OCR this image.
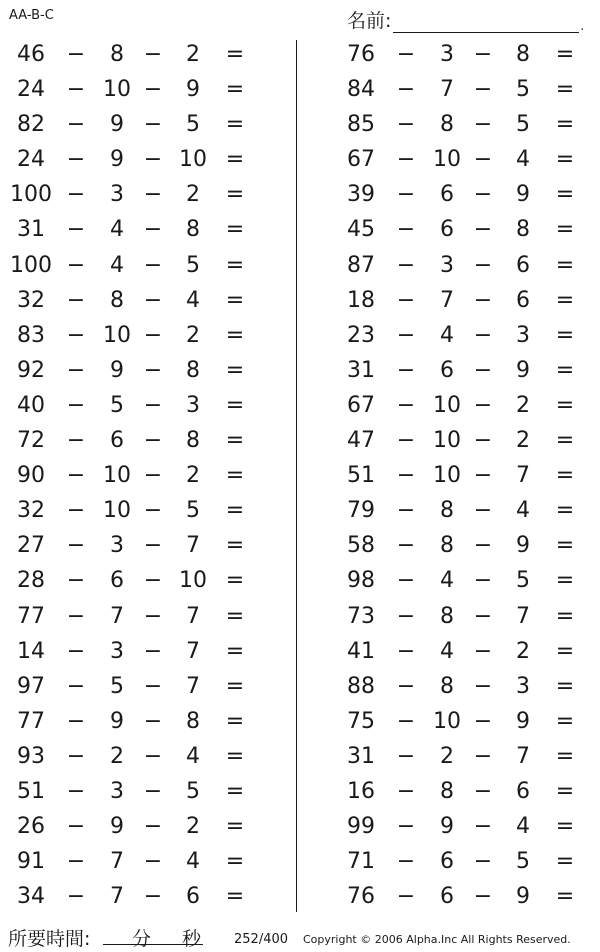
AA-B-C	名前:	.
46 −	8 −	2	=
24 − 10 −	9	=
82 −	9 −	5	=
24 −	9 − 10 =
100 −	3 −	2	=
31 −	4 −	8	=
100 −	4 −	5	=
32 −	8 −	4	=
83 − 10 −	2	=
92 −	9 −	8	=
40 −	5 −	3	=
72 −	6 −	8	=
90 − 10 −	2	=
32 − 10 −	5	=
27 −	3 −	7	=
28 −	6 − 10 =
77 −	7 −	7	=
14 −	3 −	7	=
97 −	5 −	7	=
77 −	9 −	8	=
93 −	2 −	4	=
51 −	3 −	5	=
26 −	9 −	2	=
91 −	7 −	4	=
34 −	7 −	6	=
76 −	3 −	8	=
84 −	7 −	5	=
85 −	8 −	5	=
67 − 10 −	4	=
39 −	6 −	9	=
45 −	6 −	8	=
87 −	3 −	6	=
18 −	7 −	6	=
23 −	4 −	3	=
31 −	6 −	9	=
67 − 10 −	2	=
47 − 10 −	2	=
51 − 10 −	7	=
79 −	8 −	4	=
58 −	8 −	9	=
98 −	4 −	5	=
73 −	8 −	7	=
41 −	4 −	2	=
88 −	8 −	3	=
75 − 10 −	9	=
31 −	2 −	7	=
16 −	8 −	6	=
99 −	9 −	4	=
71 −	6 −	5	=
76 −	6 −	9	=
所要時間: 分 秒	252/400 Copyright © 2006 Alpha.Inc All Rights Reserved.
